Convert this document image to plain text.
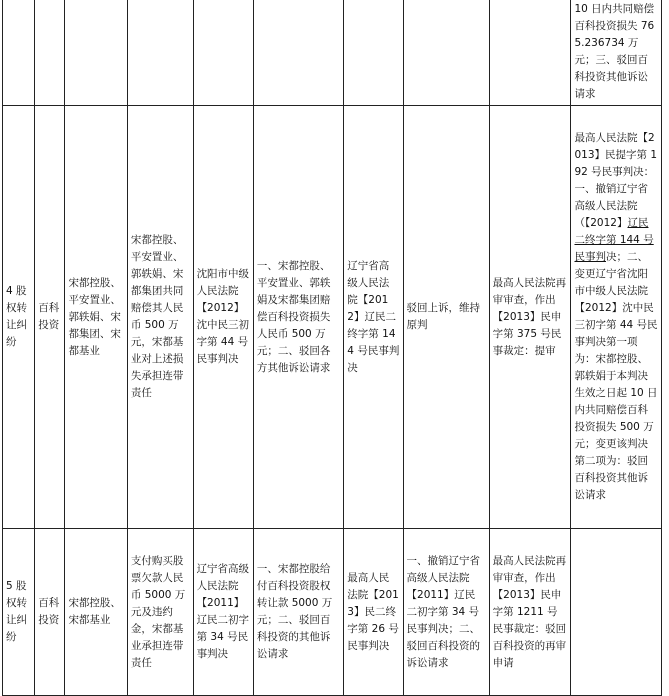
									10 日内共同赔偿百科投资损失 765.236734 万元；三、驳回百科投资其他诉讼请求
4 股权转让纠纷	百科投资	宋都控股、平安置业、郭轶娟、宋都集团、宋都基业	宋都控股、平安置业、郭轶娟、宋都集团共同赔偿其人民币 500 万元，宋都基业对上述损失承担连带责任	沈阳市中级人民法院【2012】沈中民三初字第 44 号民事判决	一、宋都控股、平安置业、郭轶娟及宋都集团赔偿百科投资损失人民币 500 万元；二、驳回各方其他诉讼请求	辽宁省高级人民法院【2012】辽民二终字第 144 号民事判决	驳回上诉，维持原判	最高人民法院再审审查，作出【2013】民申字第 375 号民事裁定：提审	最高人民法院【2013】民提字第 192 号民事判决：一、撤销辽宁省高级人民法院（【2012】辽民二终字第 144 号民事判决；二、变更辽宁省沈阳市中级人民法院【2012】沈中民三初字第 44 号民事判决第一项为：宋都控股、郭轶娟于本判决生效之日起 10 日内共同赔偿百科投资损失 500 万元；变更该判决第二项为：驳回百科投资其他诉讼请求
5 股权转让纠纷	百科投资	宋都控股、宋都基业	支付购买股票欠款人民币 5000 万元及违约金，宋都基业承担连带责任	辽宁省高级人民法院【2011】辽民二初字第 34 号民事判决	一、宋都控股给付百科投资股权转让款 5000 万元；二、驳回百科投资的其他诉讼请求	最高人民法院【2013】民二终字第 26 号民事判决	一、撤销辽宁省高级人民法院【2011】辽民二初字第 34 号民事判决；二、驳回百科投资的诉讼请求	最高人民法院再审审查，作出【2013】民申字第 1211 号民事裁定：驳回百科投资的再审申请	
